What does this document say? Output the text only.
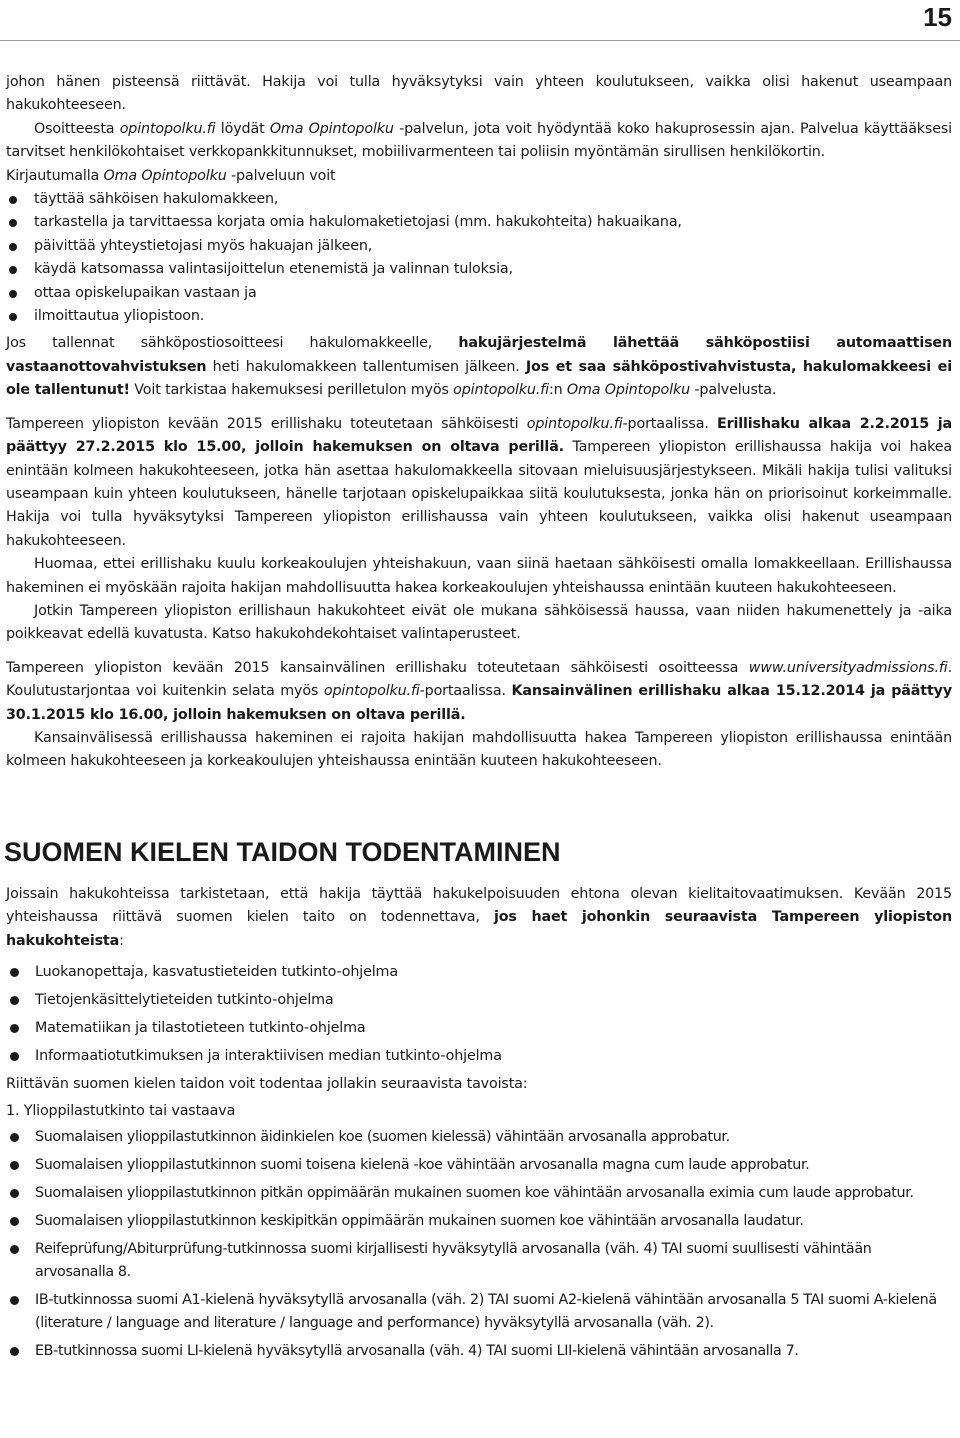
15

johon hänen pisteensä riittävät. Hakija voi tulla hyväksytyksi vain yhteen koulutukseen, vaikka olisi hakenut useampaan hakukohteeseen.

Osoitteesta opintopolku.fi löydät Oma Opintopolku -palvelun, jota voit hyödyntää koko hakuprosessin ajan. Palvelua käyttääksesi tarvitset henkilökohtaiset verkkopankkitunnukset, mobiilivarmenteen tai poliisin myöntämän sirullisen henkilökortin.

Kirjautumalla Oma Opintopolku -palveluun voit

täyttää sähköisen hakulomakkeen,
tarkastella ja tarvittaessa korjata omia hakulomaketietojasi (mm. hakukohteita) hakuaikana,
päivittää yhteystietojasi myös hakuajan jälkeen,
käydä katsomassa valintasijoittelun etenemistä ja valinnan tuloksia,
ottaa opiskelupaikan vastaan ja
ilmoittautua yliopistoon.

Jos tallennat sähköpostiosoitteesi hakulomakkeelle, hakujärjestelmä lähettää sähköpostiisi automaattisen vastaanottovahvistuksen heti hakulomakkeen tallentumisen jälkeen. Jos et saa sähköpostivahvistusta, hakulomakkeesi ei ole tallentunut! Voit tarkistaa hakemuksesi perilletulon myös opintopolku.fi:n Oma Opintopolku -palvelusta.

Tampereen yliopiston kevään 2015 erillishaku toteutetaan sähköisesti opintopolku.fi-portaalissa. Erillishaku alkaa 2.2.2015 ja päättyy 27.2.2015 klo 15.00, jolloin hakemuksen on oltava perillä. Tampereen yliopiston erillishaussa hakija voi hakea enintään kolmeen hakukohteeseen, jotka hän asettaa hakulomakkeella sitovaan mieluisuusjärjestykseen. Mikäli hakija tulisi valituksi useampaan kuin yhteen koulutukseen, hänelle tarjotaan opiskelupaikkaa siitä koulutuksesta, jonka hän on priorisoinut korkeimmalle. Hakija voi tulla hyväksytyksi Tampereen yliopiston erillishaussa vain yhteen koulutukseen, vaikka olisi hakenut useampaan hakukohteeseen.

Huomaa, ettei erillishaku kuulu korkeakoulujen yhteishakuun, vaan siinä haetaan sähköisesti omalla lomakkeellaan. Erillishaussa hakeminen ei myöskään rajoita hakijan mahdollisuutta hakea korkeakoulujen yhteishaussa enintään kuuteen hakukohteeseen.

Jotkin Tampereen yliopiston erillishaun hakukohteet eivät ole mukana sähköisessä haussa, vaan niiden hakumenettely ja -aika poikkeavat edellä kuvatusta. Katso hakukohdekohtaiset valintaperusteet.

Tampereen yliopiston kevään 2015 kansainvälinen erillishaku toteutetaan sähköisesti osoitteessa www.universityadmissions.fi. Koulutustarjontaa voi kuitenkin selata myös opintopolku.fi-portaalissa. Kansainvälinen erillishaku alkaa 15.12.2014 ja päättyy 30.1.2015 klo 16.00, jolloin hakemuksen on oltava perillä.

Kansainvälisessä erillishaussa hakeminen ei rajoita hakijan mahdollisuutta hakea Tampereen yliopiston erillishaussa enintään kolmeen hakukohteeseen ja korkeakoulujen yhteishaussa enintään kuuteen hakukohteeseen.

SUOMEN KIELEN TAIDON TODENTAMINEN

Joissain hakukohteissa tarkistetaan, että hakija täyttää hakukelpoisuuden ehtona olevan kielitaitovaatimuksen. Kevään 2015 yhteishaussa riittävä suomen kielen taito on todennettava, jos haet johonkin seuraavista Tampereen yliopiston hakukohteista:

Luokanopettaja, kasvatustieteiden tutkinto-ohjelma
Tietojenkäsittelytieteiden tutkinto-ohjelma
Matematiikan ja tilastotieteen tutkinto-ohjelma
Informaatiotutkimuksen ja interaktiivisen median tutkinto-ohjelma

Riittävän suomen kielen taidon voit todentaa jollakin seuraavista tavoista:

1. Ylioppilastutkinto tai vastaava

Suomalaisen ylioppilastutkinnon äidinkielen koe (suomen kielessä) vähintään arvosanalla approbatur.
Suomalaisen ylioppilastutkinnon suomi toisena kielenä -koe vähintään arvosanalla magna cum laude approbatur.
Suomalaisen ylioppilastutkinnon pitkän oppimäärän mukainen suomen koe vähintään arvosanalla eximia cum laude approbatur.
Suomalaisen ylioppilastutkinnon keskipitkän oppimäärän mukainen suomen koe vähintään arvosanalla laudatur.
Reifeprüfung/Abiturprüfung-tutkinnossa suomi kirjallisesti hyväksytyllä arvosanalla (väh. 4) TAI suomi suullisesti vähintään arvosanalla 8.
IB-tutkinnossa suomi A1-kielenä hyväksytyllä arvosanalla (väh. 2) TAI suomi A2-kielenä vähintään arvosanalla 5 TAI suomi A-kielenä (literature / language and literature / language and performance) hyväksytyllä arvosanalla (väh. 2).
EB-tutkinnossa suomi LI-kielenä hyväksytyllä arvosanalla (väh. 4) TAI suomi LII-kielenä vähintään arvosanalla 7.
